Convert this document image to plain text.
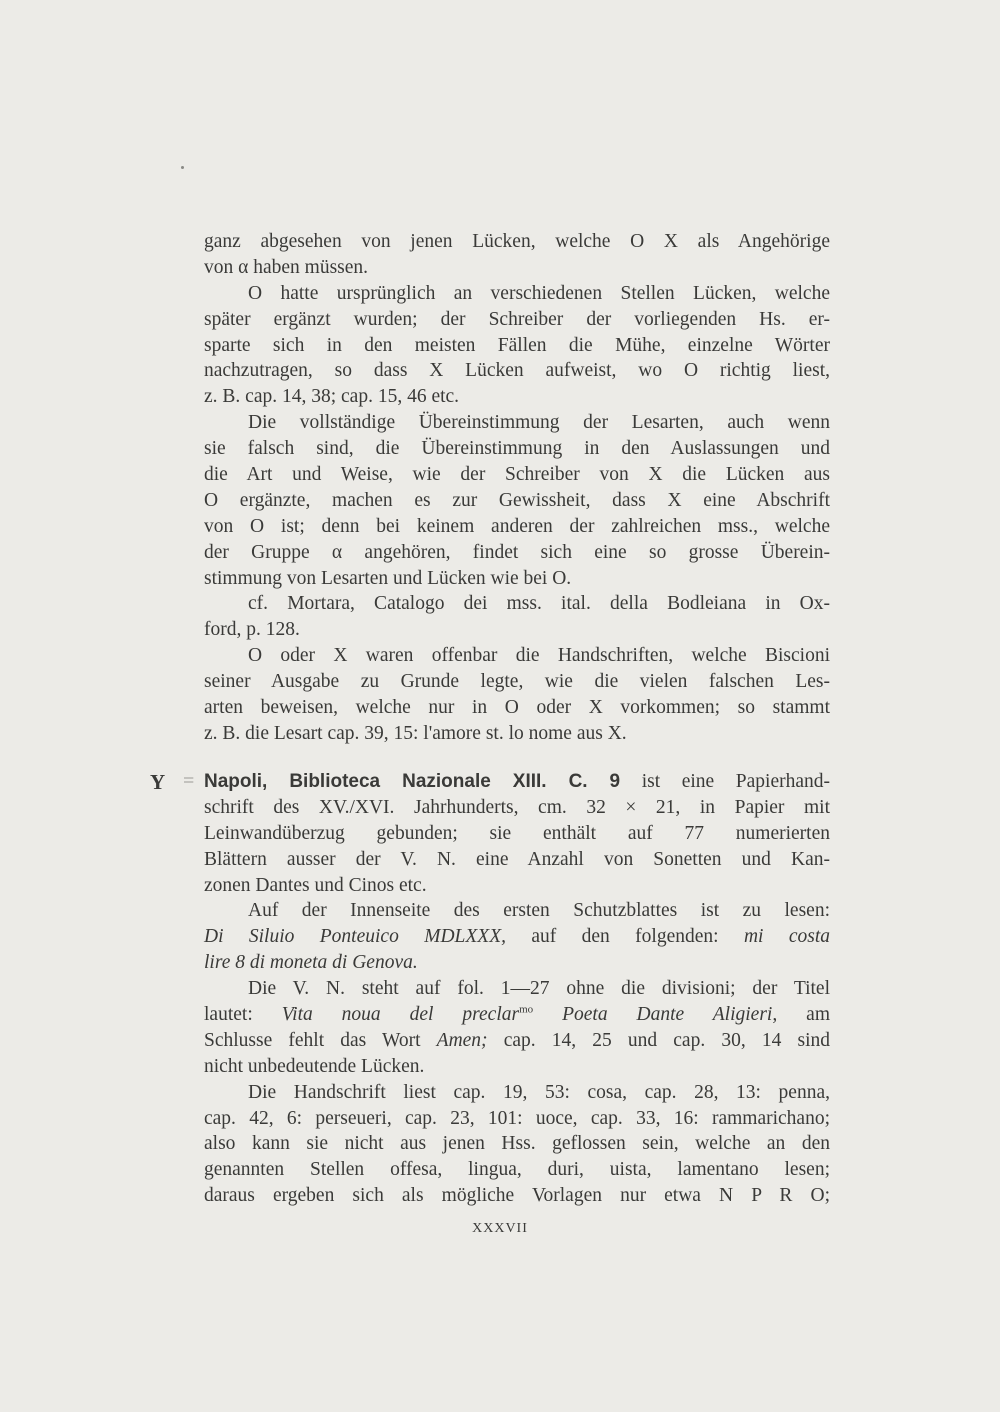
ganz abgesehen von jenen Lücken, welche O X als Angehörige
von α haben müssen.
O hatte ursprünglich an verschiedenen Stellen Lücken, welche
später ergänzt wurden; der Schreiber der vorliegenden Hs. er-
sparte sich in den meisten Fällen die Mühe, einzelne Wörter
nachzutragen, so dass X Lücken aufweist, wo O richtig liest,
z. B. cap. 14, 38; cap. 15, 46 etc.
Die vollständige Übereinstimmung der Lesarten, auch wenn
sie falsch sind, die Übereinstimmung in den Auslassungen und
die Art und Weise, wie der Schreiber von X die Lücken aus
O ergänzte, machen es zur Gewissheit, dass X eine Abschrift
von O ist; denn bei keinem anderen der zahlreichen mss., welche
der Gruppe α angehören, findet sich eine so grosse Überein-
stimmung von Lesarten und Lücken wie bei O.
cf. Mortara, Catalogo dei mss. ital. della Bodleiana in Ox-
ford, p. 128.
O oder X waren offenbar die Handschriften, welche Biscioni
seiner Ausgabe zu Grunde legte, wie die vielen falschen Les-
arten beweisen, welche nur in O oder X vorkommen; so stammt
z. B. die Lesart cap. 39, 15: l'amore st. lo nome aus X.
Y = Napoli, Biblioteca Nazionale XIII. C. 9 ist eine Papierhand-
schrift des XV./XVI. Jahrhunderts, cm. 32 × 21, in Papier mit
Leinwandüberzug gebunden; sie enthält auf 77 numerierten
Blättern ausser der V. N. eine Anzahl von Sonetten und Kan-
zonen Dantes und Cinos etc.
Auf der Innenseite des ersten Schutzblattes ist zu lesen:
Di Siluio Ponteuico MDLXXX, auf den folgenden: mi costa
lire 8 di moneta di Genova.
Die V. N. steht auf fol. 1—27 ohne die divisioni; der Titel
lautet: Vita noua del preclar$^{mo}$ Poeta Dante Aligieri, am
Schlusse fehlt das Wort Amen; cap. 14, 25 und cap. 30, 14 sind
nicht unbedeutende Lücken.
Die Handschrift liest cap. 19, 53: cosa, cap. 28, 13: penna,
cap. 42, 6: perseueri, cap. 23, 101: uoce, cap. 33, 16: rammarichano;
also kann sie nicht aus jenen Hss. geflossen sein, welche an den
genannten Stellen offesa, lingua, duri, uista, lamentano lesen;
daraus ergeben sich als mögliche Vorlagen nur etwa N P R O;
XXXVII
